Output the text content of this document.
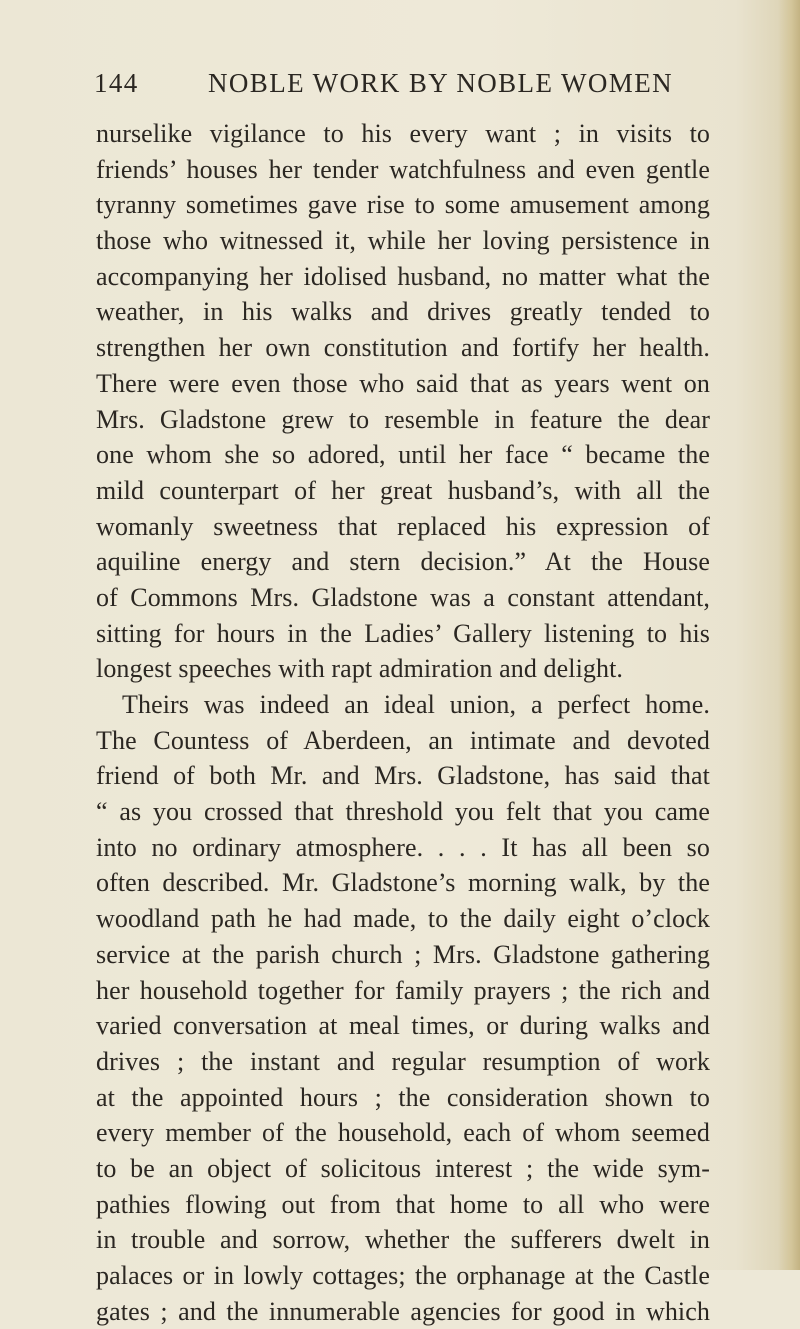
144	NOBLE WORK BY NOBLE WOMEN
nurselike vigilance to his every want ; in visits to
friends’ houses her tender watchfulness and even gentle
tyranny sometimes gave rise to some amusement among
those who witnessed it, while her loving persistence in
accompanying her idolised husband, no matter what the
weather, in his walks and drives greatly tended to
strengthen her own constitution and fortify her health.
There were even those who said that as years went on
Mrs. Gladstone grew to resemble in feature the dear
one whom she so adored, until her face “ became the
mild counterpart of her great husband’s, with all the
womanly sweetness that replaced his expression of
aquiline energy and stern decision.” At the House
of Commons Mrs. Gladstone was a constant attendant,
sitting for hours in the Ladies’ Gallery listening to his
longest speeches with rapt admiration and delight.
Theirs was indeed an ideal union, a perfect home.
The Countess of Aberdeen, an intimate and devoted
friend of both Mr. and Mrs. Gladstone, has said that
“ as you crossed that threshold you felt that you came
into no ordinary atmosphere. . . . It has all been so
often described. Mr. Gladstone’s morning walk, by the
woodland path he had made, to the daily eight o’clock
service at the parish church ; Mrs. Gladstone gathering
her household together for family prayers ; the rich and
varied conversation at meal times, or during walks and
drives ; the instant and regular resumption of work
at the appointed hours ; the consideration shown to
every member of the household, each of whom seemed
to be an object of solicitous interest ; the wide sym-
pathies flowing out from that home to all who were
in trouble and sorrow, whether the sufferers dwelt in
palaces or in lowly cottages; the orphanage at the Castle
gates ; and the innumerable agencies for good in which
